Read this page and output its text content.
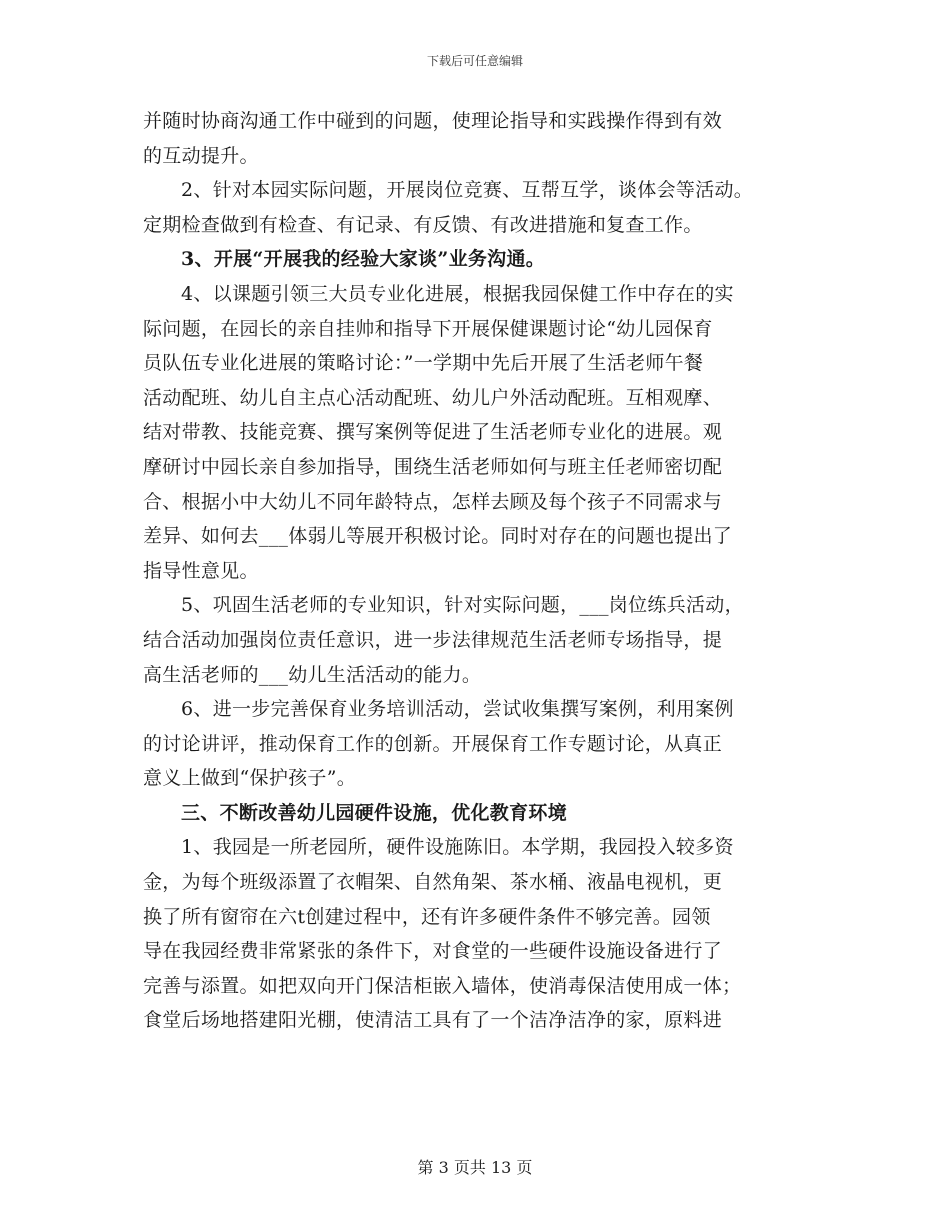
下载后可任意编辑
并随时协商沟通工作中碰到的问题，使理论指导和实践操作得到有效
的互动提升。
2、针对本园实际问题，开展岗位竞赛、互帮互学，谈体会等活动。
定期检查做到有检查、有记录、有反馈、有改进措施和复查工作。
3、开展“开展我的经验大家谈”业务沟通。
4、以课题引领三大员专业化进展，根据我园保健工作中存在的实
际问题，在园长的亲自挂帅和指导下开展保健课题讨论“幼儿园保育
员队伍专业化进展的策略讨论：”一学期中先后开展了生活老师午餐
活动配班、幼儿自主点心活动配班、幼儿户外活动配班。互相观摩、
结对带教、技能竞赛、撰写案例等促进了生活老师专业化的进展。观
摩研讨中园长亲自参加指导，围绕生活老师如何与班主任老师密切配
合、根据小中大幼儿不同年龄特点，怎样去顾及每个孩子不同需求与
差异、如何去___体弱儿等展开积极讨论。同时对存在的问题也提出了
指导性意见。
5、巩固生活老师的专业知识，针对实际问题，___岗位练兵活动，
结合活动加强岗位责任意识，进一步法律规范生活老师专场指导，提
高生活老师的___幼儿生活活动的能力。
6、进一步完善保育业务培训活动，尝试收集撰写案例，利用案例
的讨论讲评，推动保育工作的创新。开展保育工作专题讨论，从真正
意义上做到“保护孩子”。
三、不断改善幼儿园硬件设施，优化教育环境
1、我园是一所老园所，硬件设施陈旧。本学期，我园投入较多资
金，为每个班级添置了衣帽架、自然角架、茶水桶、液晶电视机，更
换了所有窗帘在六t创建过程中，还有许多硬件条件不够完善。园领
导在我园经费非常紧张的条件下，对食堂的一些硬件设施设备进行了
完善与添置。如把双向开门保洁柜嵌入墙体，使消毒保洁使用成一体；
食堂后场地搭建阳光棚，使清洁工具有了一个洁净洁净的家，原料进
第 3 页共 13 页
